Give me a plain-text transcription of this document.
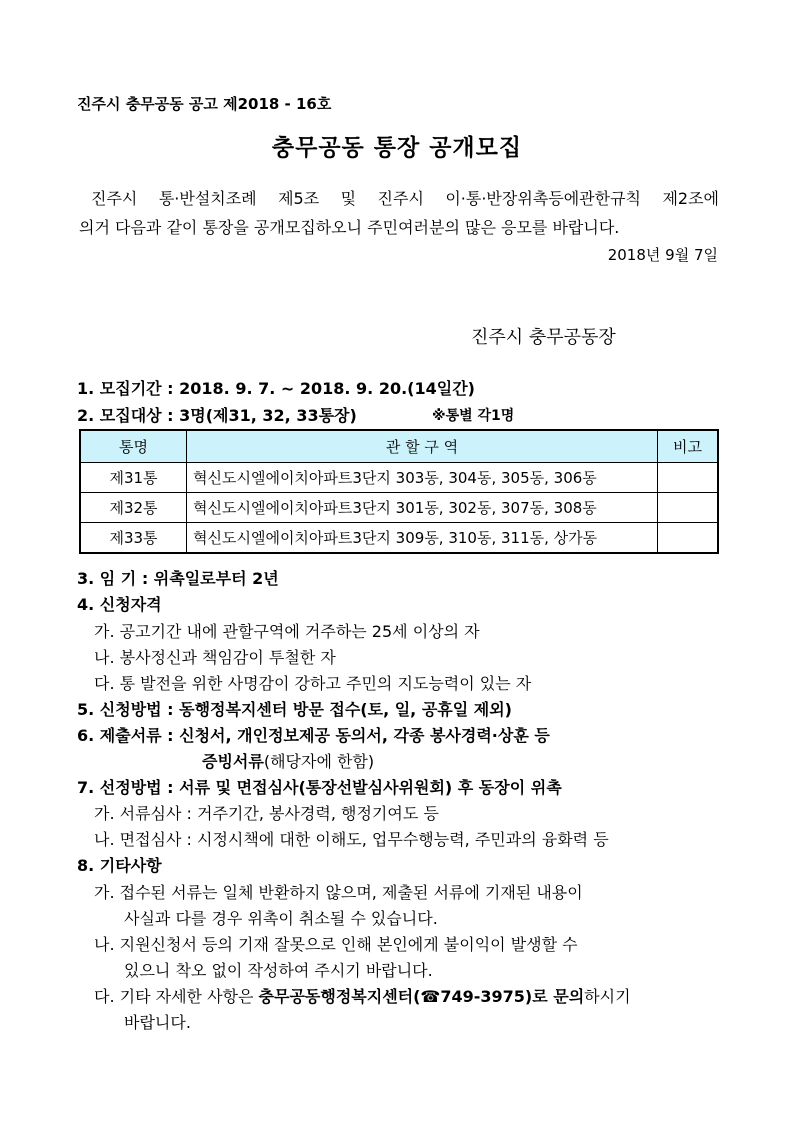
진주시 충무공동 공고 제2018 - 16호
충무공동 통장 공개모집

진주시 통·반설치조례 제5조 및 진주시 이·통·반장위촉등에관한규칙 제2조에

의거 다음과 같이 통장을 공개모집하오니 주민여러분의 많은 응모를 바랍니다.

2018년 9월 7일
진주시 충무공동장
1. 모집기간 : 2018. 9. 7. ~ 2018. 9. 20.(14일간)
2. 모집대상 : 3명(제31, 32, 33통장)	※통별 각1명
통명	관 할 구 역	비고
제31통	혁신도시엘에이치아파트3단지 303동, 304동, 305동, 306동	
제32통	혁신도시엘에이치아파트3단지 301동, 302동, 307동, 308동	
제33통	혁신도시엘에이치아파트3단지 309동, 310동, 311동, 상가동	
3. 임 기 : 위촉일로부터 2년
4. 신청자격
가. 공고기간 내에 관할구역에 거주하는 25세 이상의 자
나. 봉사정신과 책임감이 투철한 자
다. 통 발전을 위한 사명감이 강하고 주민의 지도능력이 있는 자
5. 신청방법 : 동행정복지센터 방문 접수(토, 일, 공휴일 제외)
6. 제출서류 : 신청서, 개인정보제공 동의서, 각종 봉사경력·상훈 등
증빙서류(해당자에 한함)
7. 선정방법 : 서류 및 면접심사(통장선발심사위원회) 후 동장이 위촉
가. 서류심사 : 거주기간, 봉사경력, 행정기여도 등
나. 면접심사 : 시정시책에 대한 이해도, 업무수행능력, 주민과의 융화력 등
8. 기타사항
가. 접수된 서류는 일체 반환하지 않으며, 제출된 서류에 기재된 내용이
사실과 다를 경우 위촉이 취소될 수 있습니다.
나. 지원신청서 등의 기재 잘못으로 인해 본인에게 불이익이 발생할 수
있으니 착오 없이 작성하여 주시기 바랍니다.
다. 기타 자세한 사항은 충무공동행정복지센터(☎749-3975)로 문의하시기
바랍니다.
